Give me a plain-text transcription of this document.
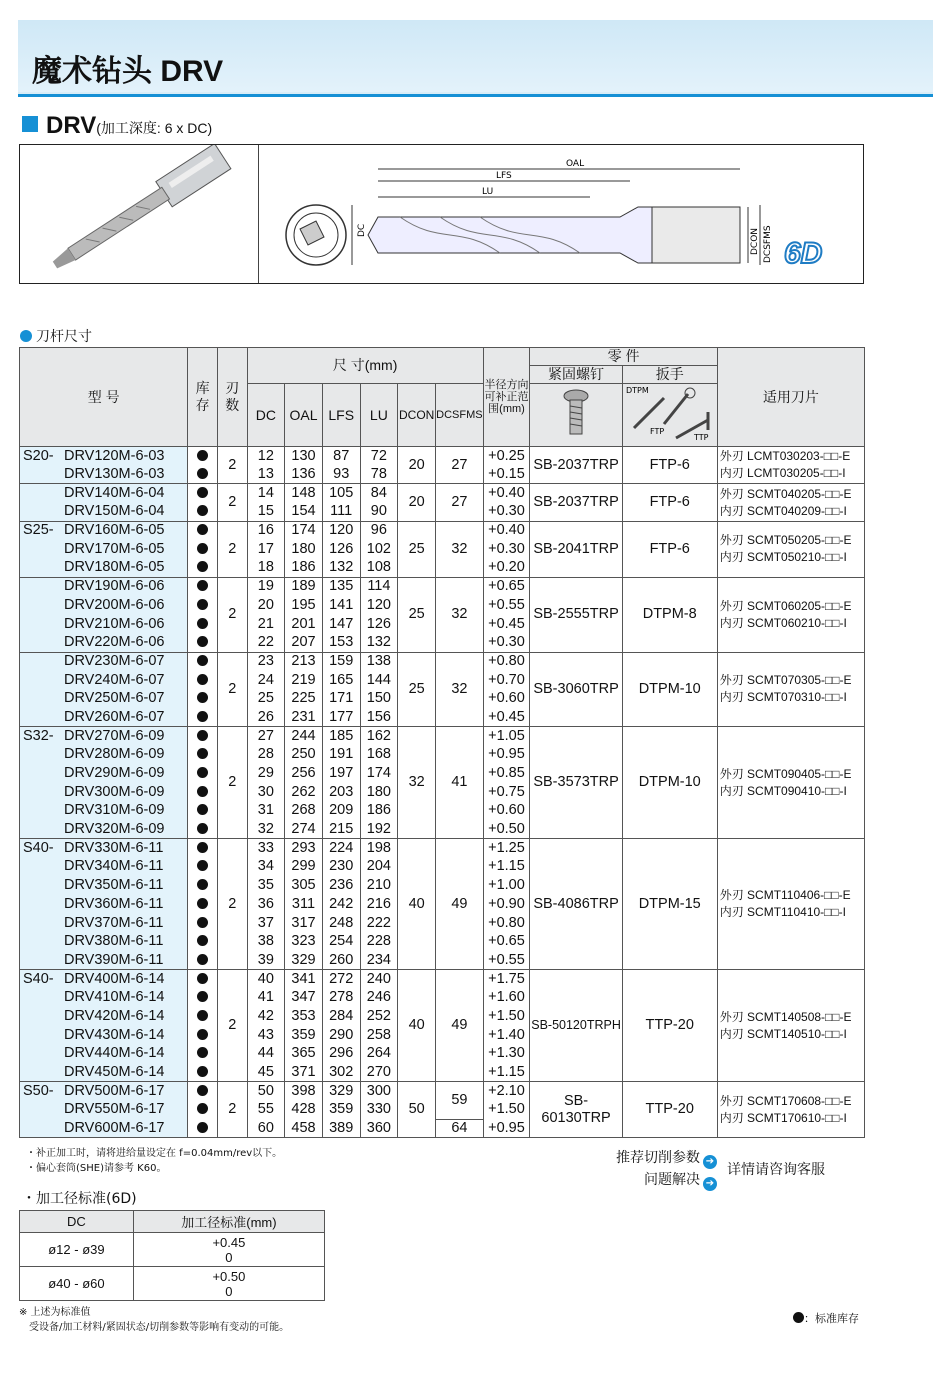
魔术钻头 DRV
DRV(加工深度: 6 x DC)
DC
LFS
OAL
LU
DCON DCSFMS 6D
刀杆尺寸
型 号	库 存	刃 数	尺 寸(mm)						半径方向可补正范围(mm)	零 件		适用刀片
										紧固螺钉	扳手	
			DC	OAL	LFS	LU	DCON	DCSFMS			DTPM
FTP
TTP	

S20- DRV120M-6-03		2	12	130	87	72	20	27	+0.25	SB-2037TRP	FTP-6	外刃 LCMT030203-□□-E
内刃 LCMT030205-□□-I

DRV130M-6-03			13	136	93	78			+0.15			
DRV140M-6-04		2	14	148	105	84	20	27	+0.40	SB-2037TRP	FTP-6	外刃 SCMT040205-□□-E
内刃 SCMT040209-□□-I

DRV150M-6-04			15	154	111	90			+0.30			
S25- DRV160M-6-05		2	16	174	120	96	25	32	+0.40	SB-2041TRP	FTP-6	外刃 SCMT050205-□□-E
内刃 SCMT050210-□□-I

DRV170M-6-05			17	180	126	102			+0.30			
DRV180M-6-05			18	186	132	108			+0.20			
DRV190M-6-06		2	19	189	135	114	25	32	+0.65	SB-2555TRP	DTPM-8	外刃 SCMT060205-□□-E
内刃 SCMT060210-□□-I

DRV200M-6-06			20	195	141	120			+0.55			
DRV210M-6-06			21	201	147	126			+0.45			
DRV220M-6-06			22	207	153	132			+0.30			
DRV230M-6-07		2	23	213	159	138	25	32	+0.80	SB-3060TRP	DTPM-10	外刃 SCMT070305-□□-E
内刃 SCMT070310-□□-I

DRV240M-6-07			24	219	165	144			+0.70			
DRV250M-6-07			25	225	171	150			+0.60			
DRV260M-6-07			26	231	177	156			+0.45			
S32- DRV270M-6-09		2	27	244	185	162	32	41	+1.05	SB-3573TRP	DTPM-10	外刃 SCMT090405-□□-E
内刃 SCMT090410-□□-I

DRV280M-6-09			28	250	191	168			+0.95			
DRV290M-6-09			29	256	197	174			+0.85			
DRV300M-6-09			30	262	203	180			+0.75			
DRV310M-6-09			31	268	209	186			+0.60			
DRV320M-6-09			32	274	215	192			+0.50			
S40- DRV330M-6-11		2	33	293	224	198	40	49	+1.25	SB-4086TRP	DTPM-15	外刃 SCMT110406-□□-E
内刃 SCMT110410-□□-I

DRV340M-6-11			34	299	230	204			+1.15			
DRV350M-6-11			35	305	236	210			+1.00			
DRV360M-6-11			36	311	242	216			+0.90			
DRV370M-6-11			37	317	248	222			+0.80			
DRV380M-6-11			38	323	254	228			+0.65			
DRV390M-6-11			39	329	260	234			+0.55			
S40- DRV400M-6-14		2	40	341	272	240	40	49	+1.75	SB-50120TRPH	TTP-20	外刃 SCMT140508-□□-E
内刃 SCMT140510-□□-I

DRV410M-6-14			41	347	278	246			+1.60			
DRV420M-6-14			42	353	284	252			+1.50			
DRV430M-6-14			43	359	290	258			+1.40			
DRV440M-6-14			44	365	296	264			+1.30			
DRV450M-6-14			45	371	302	270			+1.15			
S50- DRV500M-6-17		2	50	398	329	300	50	59	+2.10	SB-60130TRP	TTP-20	外刃 SCMT170608-□□-E
内刃 SCMT170610-□□-I

DRV550M-6-17			55	428	359	330			+1.50			
DRV600M-6-17			60	458	389	360		64	+0.95			
・补正加工时，请将进给量设定在 f=0.04mm/rev以下。
・偏心套筒(SHE)请参考 K60。
推荐切削参数 ➔
问题解决 ➔
详情请咨询客服
・加工径标准(6D)
DC	加工径标准(mm)
ø12 - ø39	+0.45
0

ø40 - ø60	+0.50
0
※ 上述为标准值
受设备/加工材料/紧固状态/切削参数等影响有变动的可能。
：标准库存
